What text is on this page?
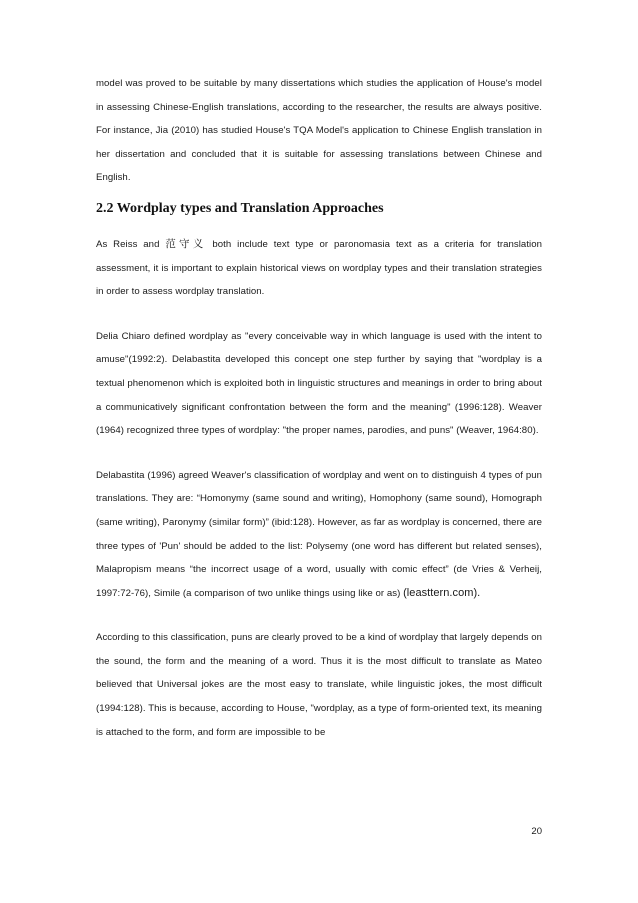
model was proved to be suitable by many dissertations which studies the application of House's model in assessing Chinese-English translations, according to the researcher, the results are always positive. For instance, Jia (2010) has studied House's TQA Model's application to Chinese English translation in her dissertation and concluded that it is suitable for assessing translations between Chinese and English.

2.2 Wordplay types and Translation Approaches

As Reiss and 范守义 both include text type or paronomasia text as a criteria for translation assessment, it is important to explain historical views on wordplay types and their translation strategies in order to assess wordplay translation.

Delia Chiaro defined wordplay as "every conceivable way in which language is used with the intent to amuse"(1992:2). Delabastita developed this concept one step further by saying that "wordplay is a textual phenomenon which is exploited both in linguistic structures and meanings in order to bring about a communicatively significant confrontation between the form and the meaning" (1996:128). Weaver (1964) recognized three types of wordplay: "the proper names, parodies, and puns" (Weaver, 1964:80).

Delabastita (1996) agreed Weaver's classification of wordplay and went on to distinguish 4 types of pun translations. They are: “Homonymy (same sound and writing), Homophony (same sound), Homograph (same writing), Paronymy (similar form)” (ibid:128). However, as far as wordplay is concerned, there are three types of 'Pun' should be added to the list: Polysemy (one word has different but related senses), Malapropism means “the incorrect usage of a word, usually with comic effect” (de Vries & Verheij, 1997:72-76), Simile (a comparison of two unlike things using like or as) (leasttern.com).

According to this classification, puns are clearly proved to be a kind of wordplay that largely depends on the sound, the form and the meaning of a word. Thus it is the most difficult to translate as Mateo believed that Universal jokes are the most easy to translate, while linguistic jokes, the most difficult (1994:128). This is because, according to House, "wordplay, as a type of form-oriented text, its meaning is attached to the form, and form are impossible to be

20
